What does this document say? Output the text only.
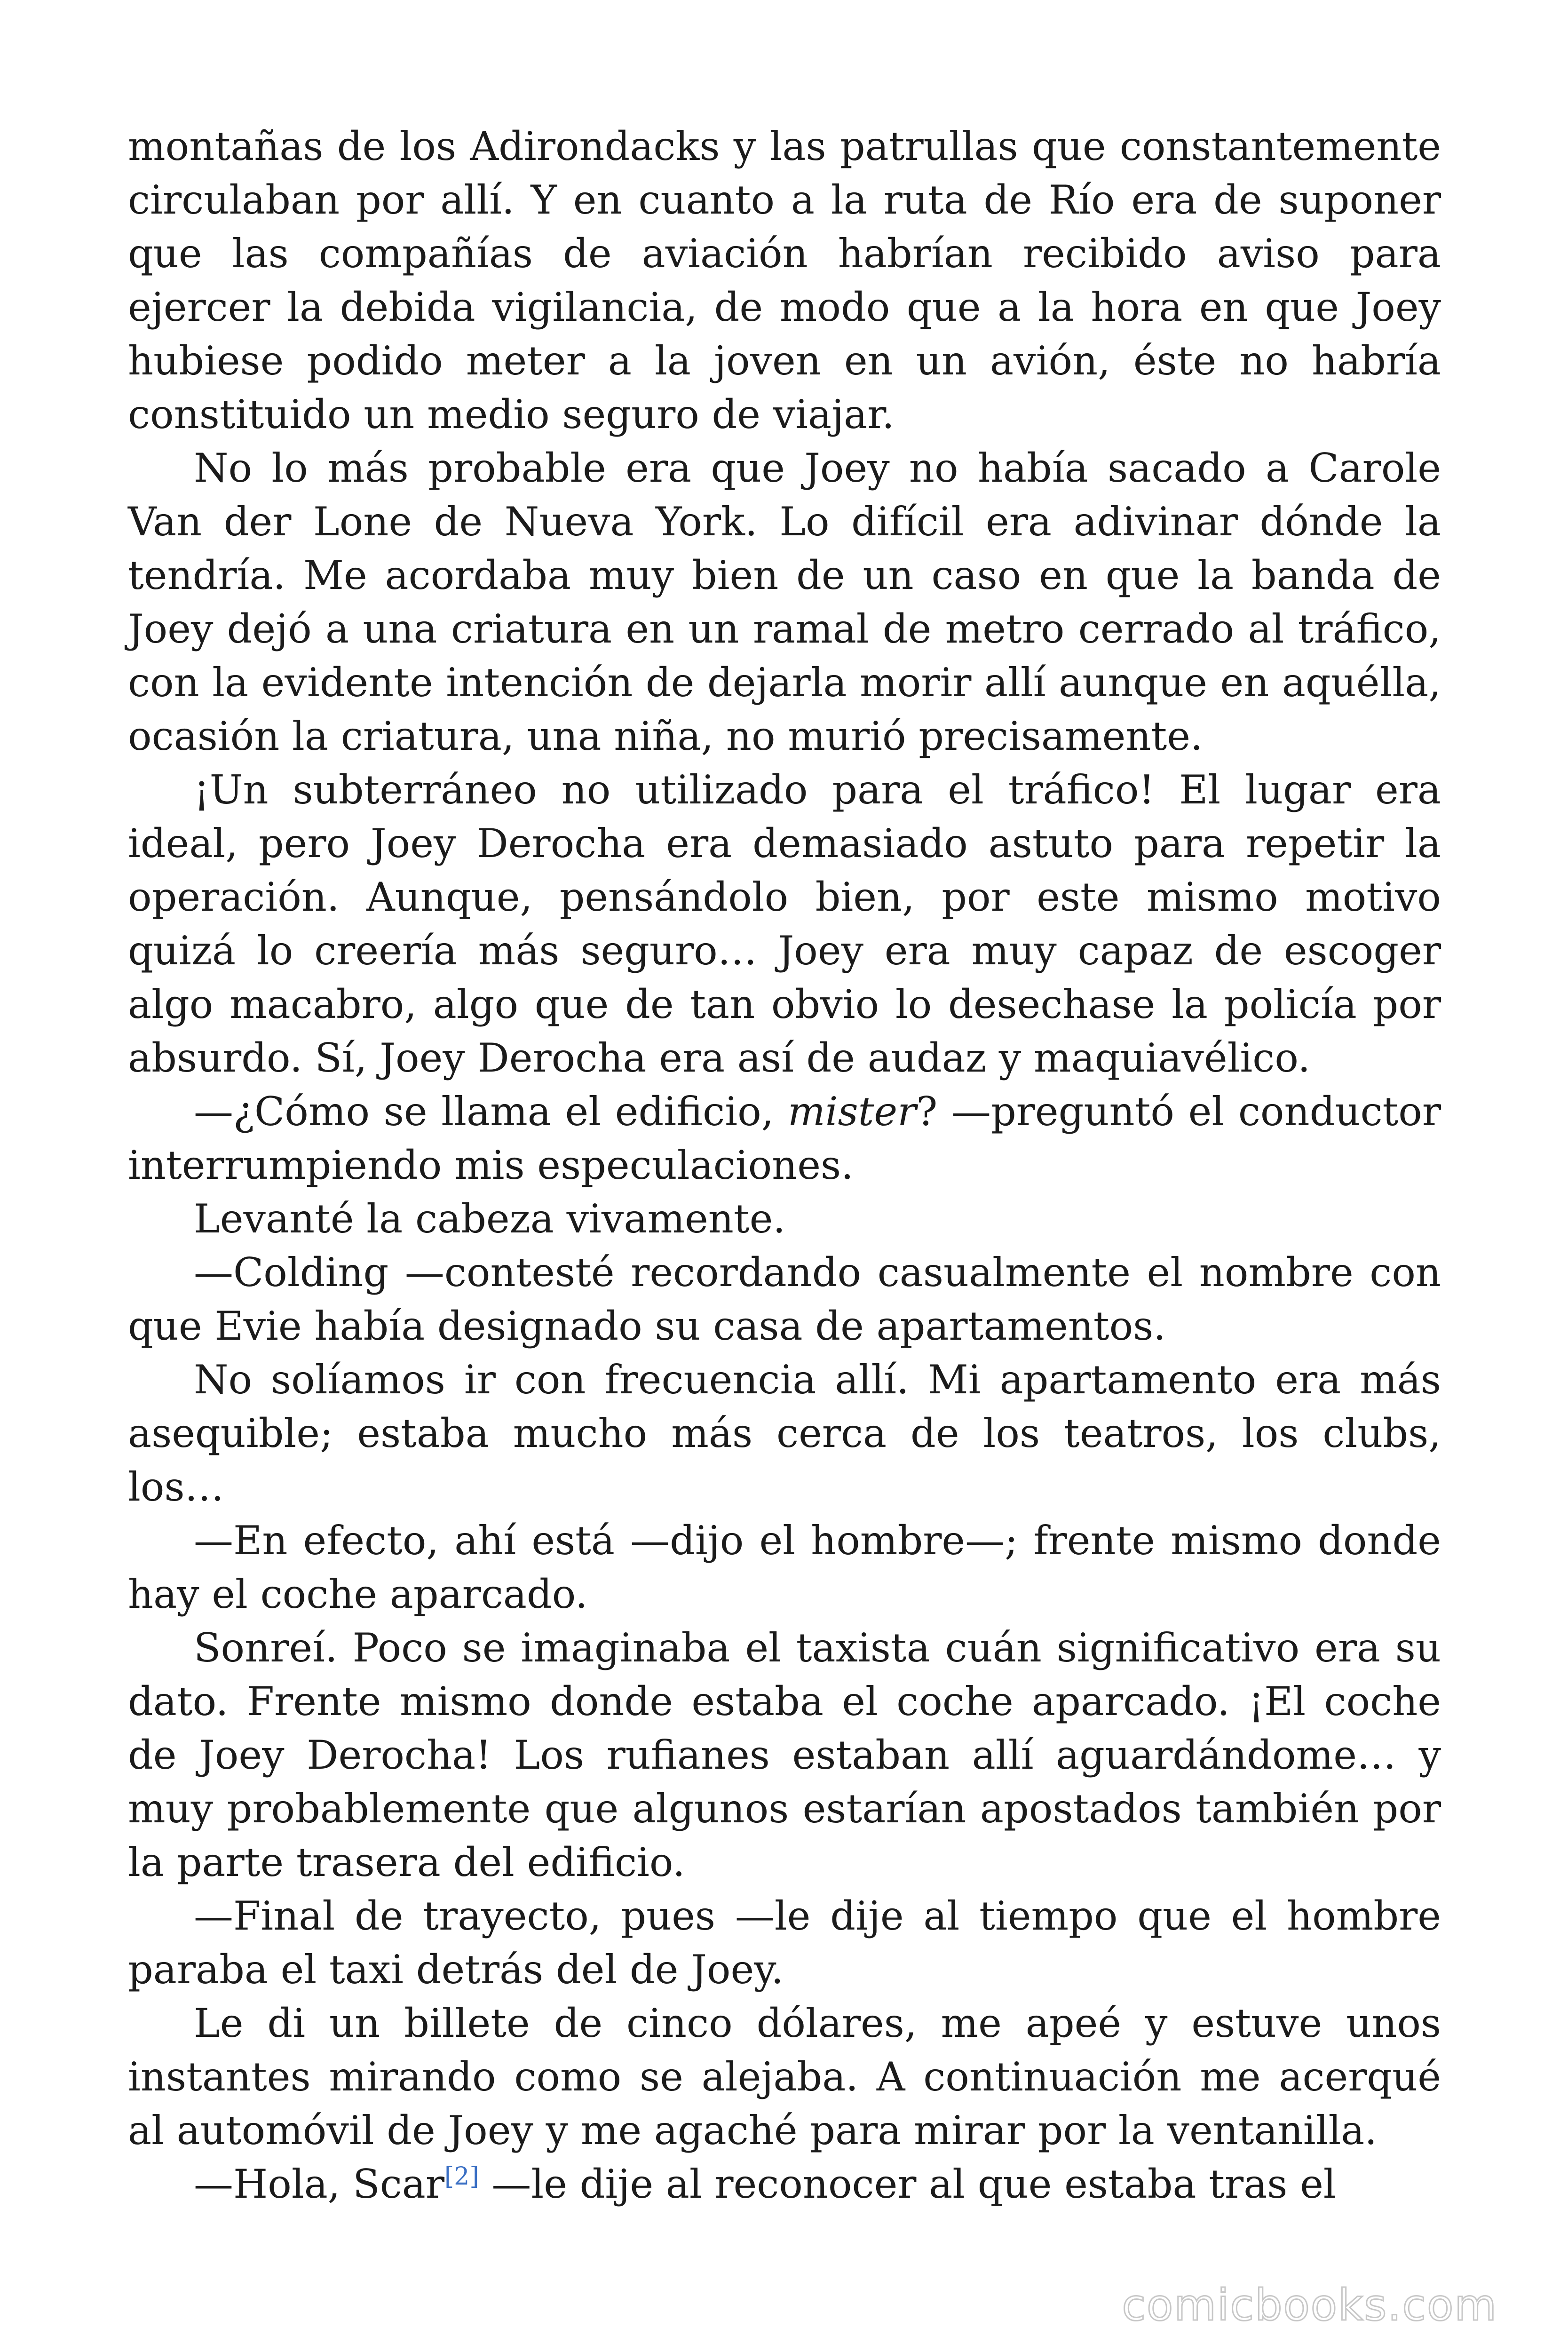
montañas de los Adirondacks y las patrullas que constantemente circulaban por allí. Y en cuanto a la ruta de Río era de suponer que las compañías de aviación habrían recibido aviso para ejercer la debida vigilancia, de modo que a la hora en que Joey hubiese podido meter a la joven en un avión, éste no habría constituido un medio seguro de viajar.

No lo más probable era que Joey no había sacado a Carole Van der Lone de Nueva York. Lo difícil era adivinar dónde la tendría. Me acordaba muy bien de un caso en que la banda de Joey dejó a una criatura en un ramal de metro cerrado al tráfico, con la evidente intención de dejarla morir allí aunque en aquélla, ocasión la criatura, una niña, no murió precisamente.

¡Un subterráneo no utilizado para el tráfico! El lugar era ideal, pero Joey Derocha era demasiado astuto para repetir la operación. Aunque, pensándolo bien, por este mismo motivo quizá lo creería más seguro… Joey era muy capaz de escoger algo macabro, algo que de tan obvio lo desechase la policía por absurdo. Sí, Joey Derocha era así de audaz y maquiavélico.

—¿Cómo se llama el edificio, mister? —preguntó el conductor interrumpiendo mis especulaciones.

Levanté la cabeza vivamente.

—Colding —contesté recordando casualmente el nombre con que Evie había designado su casa de apartamentos.

No solíamos ir con frecuencia allí. Mi apartamento era más asequible; estaba mucho más cerca de los teatros, los clubs, los…

—En efecto, ahí está —dijo el hombre—; frente mismo donde hay el coche aparcado.

Sonreí. Poco se imaginaba el taxista cuán significativo era su dato. Frente mismo donde estaba el coche aparcado. ¡El coche de Joey Derocha! Los rufianes estaban allí aguardándome… y muy probablemente que algunos estarían apostados también por la parte trasera del edificio.

—Final de trayecto, pues —le dije al tiempo que el hombre paraba el taxi detrás del de Joey.

Le di un billete de cinco dólares, me apeé y estuve unos instantes mirando como se alejaba. A continuación me acerqué al automóvil de Joey y me agaché para mirar por la ventanilla.

—Hola, Scar[2] —le dije al reconocer al que estaba tras el

comicbooks.com
